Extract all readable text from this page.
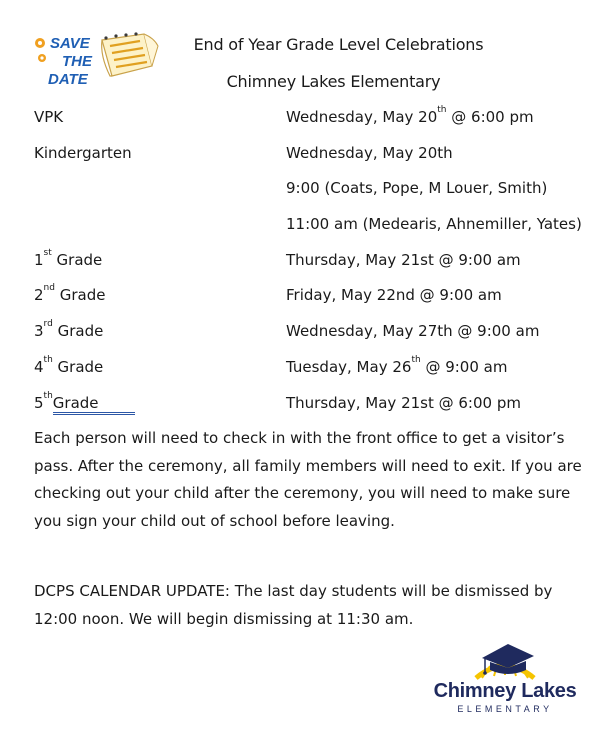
SAVE
THE
DATE
End of Year Grade Level Celebrations
Chimney Lakes Elementary
VPK	Wednesday, May 20th @ 6:00 pm
Kindergarten	Wednesday, May 20th
9:00 (Coats, Pope, M Louer, Smith)
11:00 am (Medearis, Ahnemiller, Yates)
1st Grade	Thursday, May 21st @ 9:00 am
2nd Grade	Friday, May 22nd @ 9:00 am
3rd Grade	Wednesday, May 27th @ 9:00 am
4th Grade	Tuesday, May 26th @ 9:00 am
5thGrade	Thursday, May 21st @ 6:00 pm
Each person will need to check in with the front office to get a visitor’s pass. After the ceremony, all family members will need to exit. If you are checking out your child after the ceremony, you will need to make sure you sign your child out of school before leaving.
DCPS CALENDAR UPDATE: The last day students will be dismissed by 12:00 noon. We will begin dismissing at 11:30 am.
Chimney Lakes
ELEMENTARY
